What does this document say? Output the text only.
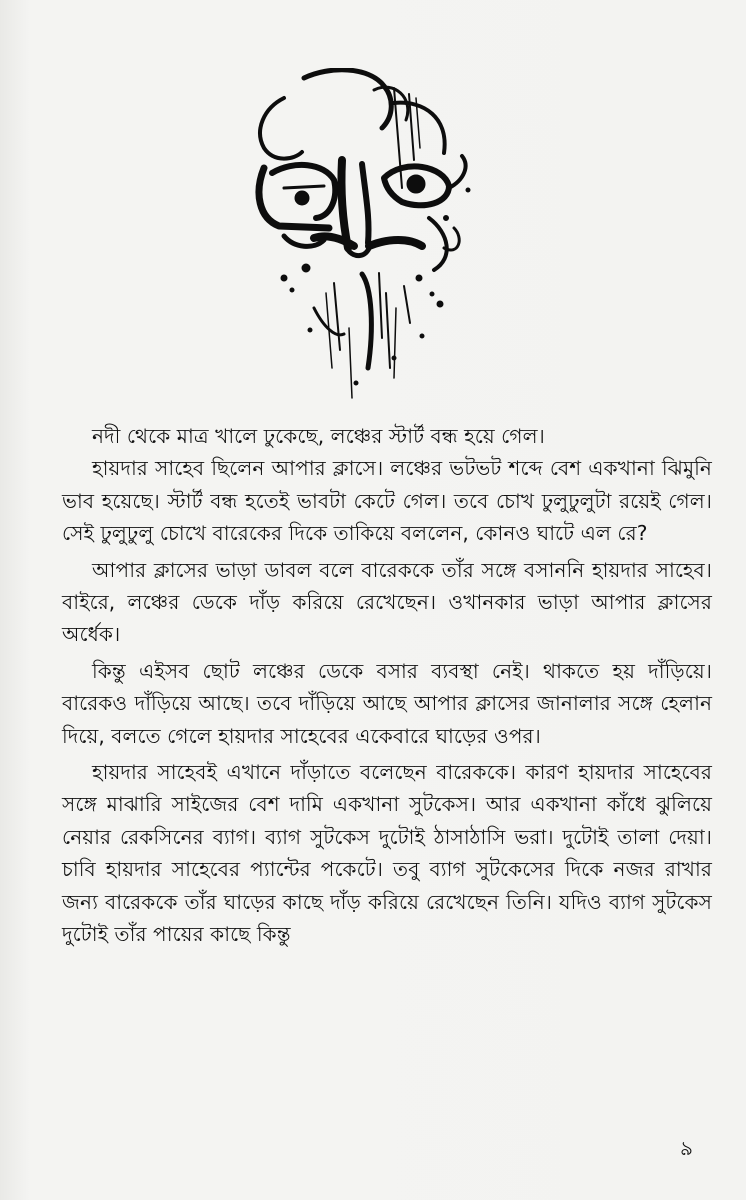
নদী থেকে মাত্র খালে ঢুকেছে, লঞ্চের স্টার্ট বন্ধ হয়ে গেল।

হায়দার সাহেব ছিলেন আপার ক্লাসে। লঞ্চের ভটভট শব্দে বেশ একখানা ঝিমুনি ভাব হয়েছে। স্টার্ট বন্ধ হতেই ভাবটা কেটে গেল। তবে চোখ ঢুলুঢুলুটা রয়েই গেল। সেই ঢুলুঢুলু চোখে বারেকের দিকে তাকিয়ে বললেন, কোনও ঘাটে এল রে?

আপার ক্লাসের ভাড়া ডাবল বলে বারেককে তাঁর সঙ্গে বসাননি হায়দার সাহেব। বাইরে, লঞ্চের ডেকে দাঁড় করিয়ে রেখেছেন। ওখানকার ভাড়া আপার ক্লাসের অর্ধেক।

কিন্তু এইসব ছোট লঞ্চের ডেকে বসার ব্যবস্থা নেই। থাকতে হয় দাঁড়িয়ে। বারেকও দাঁড়িয়ে আছে। তবে দাঁড়িয়ে আছে আপার ক্লাসের জানালার সঙ্গে হেলান দিয়ে, বলতে গেলে হায়দার সাহেবের একেবারে ঘাড়ের ওপর।

হায়দার সাহেবই এখানে দাঁড়াতে বলেছেন বারেককে। কারণ হায়দার সাহেবের সঙ্গে মাঝারি সাইজের বেশ দামি একখানা সুটকেস। আর একখানা কাঁধে ঝুলিয়ে নেয়ার রেকসিনের ব্যাগ। ব্যাগ সুটকেস দুটোই ঠাসাঠাসি ভরা। দুটোই তালা দেয়া। চাবি হায়দার সাহেবের প্যান্টের পকেটে। তবু ব্যাগ সুটকেসের দিকে নজর রাখার জন্য বারেককে তাঁর ঘাড়ের কাছে দাঁড় করিয়ে রেখেছেন তিনি। যদিও ব্যাগ সুটকেস দুটোই তাঁর পায়ের কাছে কিন্তু

৯
